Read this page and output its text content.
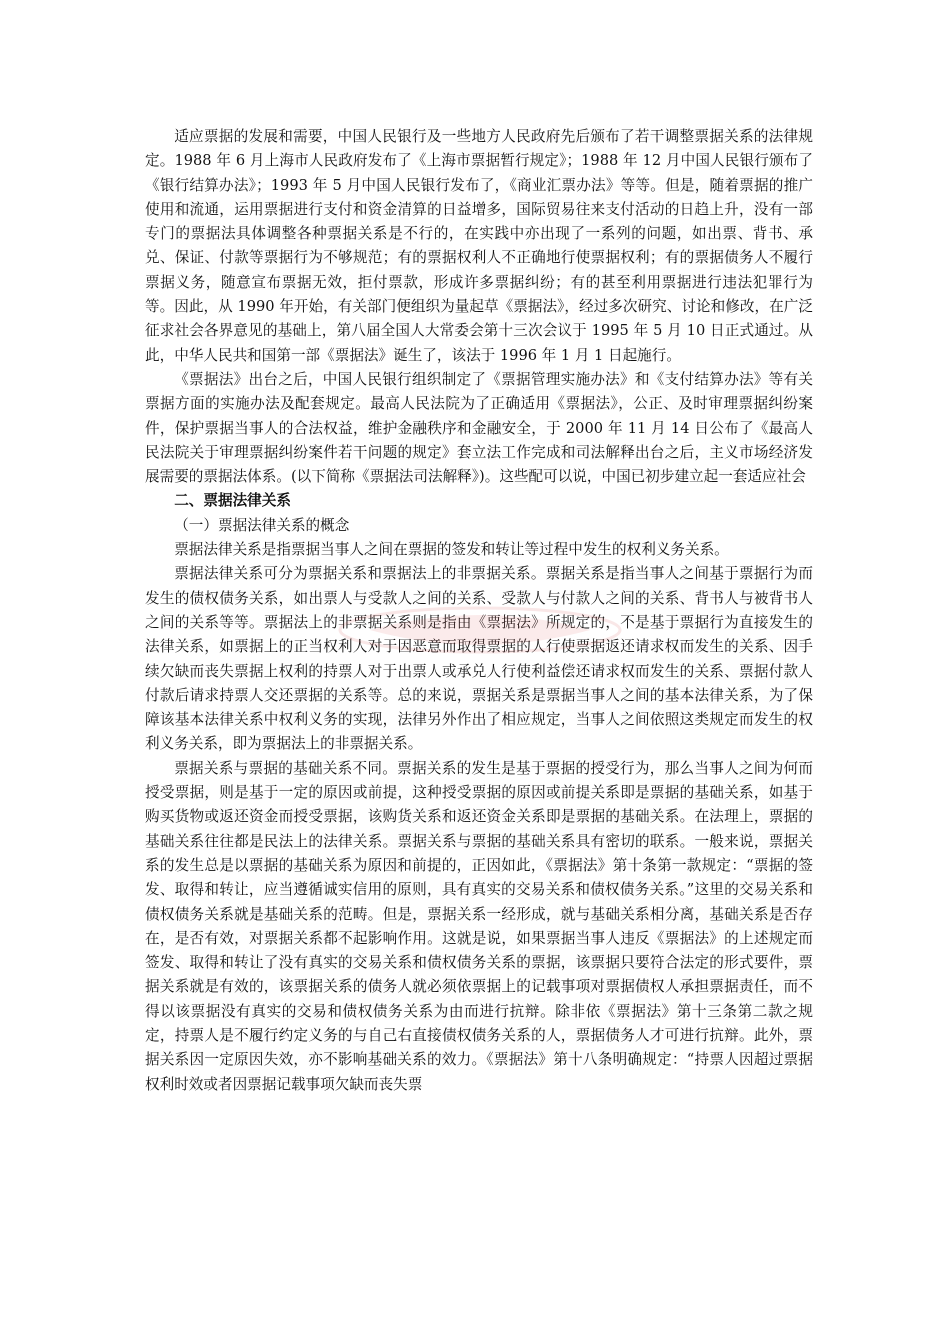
适应票据的发展和需要，中国人民银行及一些地方人民政府先后颁布了若干调整票据关系的法律规定。1988 年 6 月上海市人民政府发布了《上海市票据暂行规定》；1988 年 12 月中国人民银行颁布了《银行结算办法》；1993 年 5 月中国人民银行发布了，《商业汇票办法》等等。但是，随着票据的推广使用和流通，运用票据进行支付和资金清算的日益增多，国际贸易往来支付活动的日趋上升，没有一部专门的票据法具体调整各种票据关系是不行的，在实践中亦出现了一系列的问题，如出票、背书、承兑、保证、付款等票据行为不够规范；有的票据权利人不正确地行使票据权利；有的票据债务人不履行票据义务，随意宣布票据无效，拒付票款，形成许多票据纠纷；有的甚至利用票据进行违法犯罪行为等。因此，从 1990 年开始，有关部门便组织为量起草《票据法》，经过多次研究、讨论和修改，在广泛征求社会各界意见的基础上，第八届全国人大常委会第十三次会议于 1995 年 5 月 10 日正式通过。从此，中华人民共和国第一部《票据法》诞生了，该法于 1996 年 1 月 1 日起施行。

《票据法》出台之后，中国人民银行组织制定了《票据管理实施办法》和《支付结算办法》等有关票据方面的实施办法及配套规定。最高人民法院为了正确适用《票据法》，公正、及时审理票据纠纷案件，保护票据当事人的合法权益，维护金融秩序和金融安全，于 2000 年 11 月 14 日公布了《最高人民法院关于审理票据纠纷案件若干问题的规定》套立法工作完成和司法解释出台之后，主义市场经济发展需要的票据法体系。(以下简称《票据法司法解释》)。这些配可以说，中国已初步建立起一套适应社会

二、票据法律关系
（一）票据法律关系的概念

票据法律关系是指票据当事人之间在票据的签发和转让等过程中发生的权利义务关系。

票据法律关系可分为票据关系和票据法上的非票据关系。票据关系是指当事人之间基于票据行为而发生的债权债务关系，如出票人与受款人之间的关系、受款人与付款人之间的关系、背书人与被背书人之间的关系等等。票据法上的非票据关系则是指由《票据法》所规定的，不是基于票据行为直接发生的法律关系，如票据上的正当权利人对于因恶意而取得票据的人行使票据返还请求权而发生的关系、因手续欠缺而丧失票据上权利的持票人对于出票人或承兑人行使利益偿还请求权而发生的关系、票据付款人付款后请求持票人交还票据的关系等。总的来说，票据关系是票据当事人之间的基本法律关系，为了保障该基本法律关系中权利义务的实现，法律另外作出了相应规定，当事人之间依照这类规定而发生的权利义务关系，即为票据法上的非票据关系。

票据关系与票据的基础关系不同。票据关系的发生是基于票据的授受行为，那么当事人之间为何而授受票据，则是基于一定的原因或前提，这种授受票据的原因或前提关系即是票据的基础关系，如基于购买货物或返还资金而授受票据，该购货关系和返还资金关系即是票据的基础关系。在法理上，票据的基础关系往往都是民法上的法律关系。票据关系与票据的基础关系具有密切的联系。一般来说，票据关系的发生总是以票据的基础关系为原因和前提的，正因如此，《票据法》第十条第一款规定：“票据的签发、取得和转让，应当遵循诚实信用的原则，具有真实的交易关系和债权债务关系。”这里的交易关系和债权债务关系就是基础关系的范畴。但是，票据关系一经形成，就与基础关系相分离，基础关系是否存在，是否有效，对票据关系都不起影响作用。这就是说，如果票据当事人违反《票据法》的上述规定而签发、取得和转让了没有真实的交易关系和债权债务关系的票据，该票据只要符合法定的形式要件，票据关系就是有效的，该票据关系的债务人就必须依票据上的记载事项对票据债权人承担票据责任，而不得以该票据没有真实的交易和债权债务关系为由而进行抗辩。除非依《票据法》第十三条第二款之规定，持票人是不履行约定义务的与自己右直接债权债务关系的人，票据债务人才可进行抗辩。此外，票据关系因一定原因失效，亦不影响基础关系的效力。《票据法》第十八条明确规定：“持票人因超过票据权利时效或者因票据记载事项欠缺而丧失票
